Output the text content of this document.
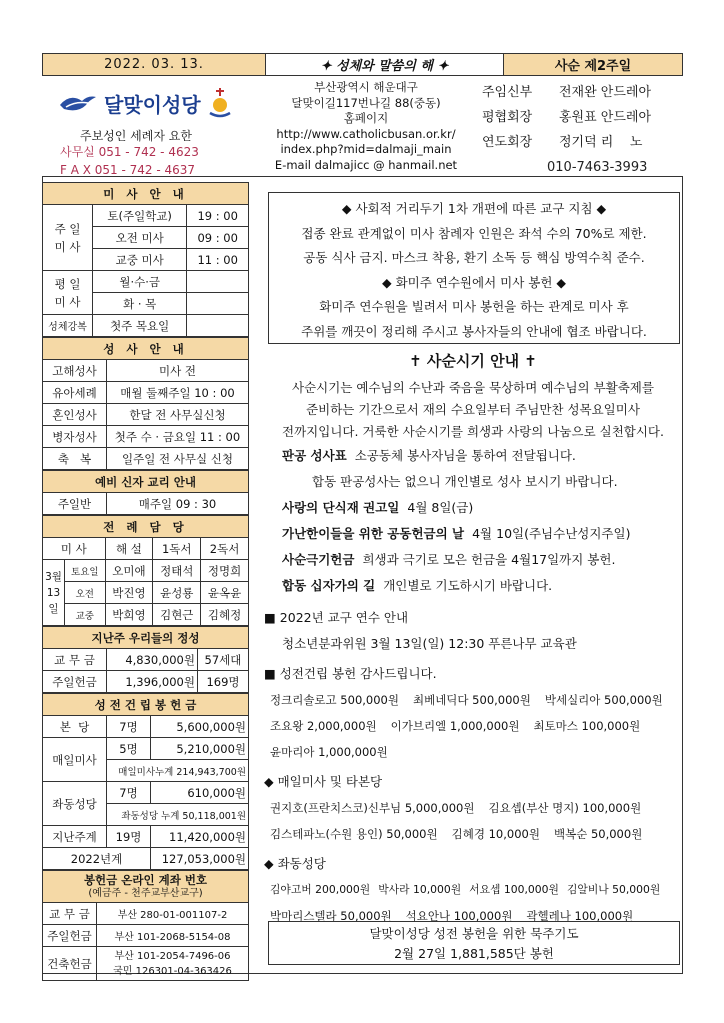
2022. 03. 13.	✦ 성체와 말씀의 해 ✦	사순 제2주일
달맞이성당
주보성인 세례자 요한
사무실 051 - 742 - 4623
F A X 051 - 742 - 4637
부산광역시 해운대구
달맞이길117번나길 88(중동)
홈페이지
http://www.catholicbusan.or.kr/
index.php?mid=dalmaji_main
E-mail dalmajicc @ hanmail.net
주임신부	전재완 안드레아
평협회장	홍원표 안드레아
연도회장	정기덕 리    노
010-7463-3993
미 사 안 내		
주 일
미 사	토(주일학교)	19 : 00
	오전 미사	09 : 00
	교중 미사	11 : 00
평 일
미 사	월·수·금	
	화 · 목	
성체강복	첫주 목요일	
성 사 안 내	
고해성사	미사 전
유아세례	매월 둘째주일 10 : 00
혼인성사	한달 전 사무실신청
병자성사	첫주 수 · 금요일 11 : 00
축   복	일주일 전 사무실 신청
예비 신자 교리 안내
주일반	매주일 09 : 30
전 례 담 당				
미 사		해 설	1독서	2독서
3월
13일	토요일	오미애	정태석	정명희
	오전	박진영	윤성룡	윤옥윤
	교중	박희영	김현근	김혜정
지난주 우리들의 정성		
교 무 금	4,830,000원	57세대
주일헌금	1,396,000원	169명
성 전 건 립 봉 헌 금		
본  당	7명	5,600,000원
매일미사	5명	5,210,000원
	매일미사누계 214,943,700원	
좌동성당	7명	610,000원
	좌동성당 누계 50,118,001원	
지난주계	19명	11,420,000원
2022년계		127,053,000원
봉헌금 온라인 계좌 번호
(예금주 - 천주교부산교구)	

교 무 금	부산 280-01-001107-2
주일헌금	부산 101-2068-5154-08
건축헌금	부산 101-2054-7496-06
국민 126301-04-363426
◆ 사회적 거리두기 1차 개편에 따른 교구 지침 ◆
접종 완료 관계없이 미사 참례자 인원은 좌석 수의 70%로 제한.
공동 식사 금지. 마스크 착용, 환기 소독 등 핵심 방역수칙 준수.
◆ 화미주 연수원에서 미사 봉헌 ◆
화미주 연수원을 빌려서 미사 봉헌을 하는 관계로 미사 후
주위를 깨끗이 정리해 주시고 봉사자들의 안내에 협조 바랍니다.
✝ 사순시기 안내 ✝
사순시기는 예수님의 수난과 죽음을 묵상하며 예수님의 부활축제를
준비하는 기간으로서 재의 수요일부터 주님만찬 성목요일미사
전까지입니다. 거룩한 사순시기를 희생과 사랑의 나눔으로 실천합시다.
판공 성사표 소공동체 봉사자님을 통하여 전달됩니다.
합동 판공성사는 없으니 개인별로 성사 보시기 바랍니다.
사랑의 단식재 권고일 4월 8일(금)
가난한이들을 위한 공동헌금의 날 4월 10일(주님수난성지주일)
사순극기헌금 희생과 극기로 모은 헌금을 4월17일까지 봉헌.
합동 십자가의 길 개인별로 기도하시기 바랍니다.
■ 2022년 교구 연수 안내
청소년분과위원 3월 13일(일) 12:30 푸른나무 교육관
■ 성전건립 봉헌 감사드립니다.
정크리솔로고 500,000원 최베네딕다 500,000원 박세실리아 500,000원
조요왕 2,000,000원 이가브리엘 1,000,000원 최토마스 100,000원
윤마리아 1,000,000원
◆ 매일미사 및 타본당
권지호(프란치스코)신부님 5,000,000원 김요셉(부산 명지) 100,000원
김스테파노(수원 용인) 50,000원 김혜경 10,000원 백복순 50,000원
◆ 좌동성당
김야고버 200,000원 박사라 10,000원 서요셉 100,000원 김알비나 50,000원
박마리스텔라 50,000원 석요안나 100,000원 곽헬레나 100,000원
달맞이성당 성전 봉헌을 위한 묵주기도
2월 27일 1,881,585단 봉헌
